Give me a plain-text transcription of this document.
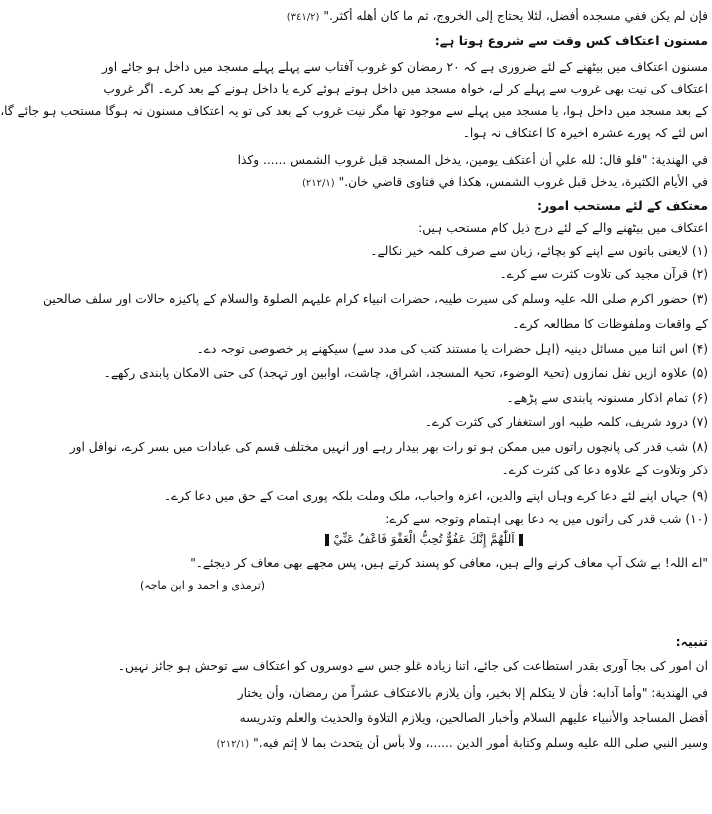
فإن لم يكن ففي مسجده أفضل، لئلا يحتاج إلى الخروج، ثم ما كان أهله أكثر."(٣٤١/٢)
مسنون اعتکاف کس وقت سے شروع ہوتا ہے:
مسنون اعتکاف میں بیٹھنے کے لئے ضروری ہے کہ ۲۰ رمضان کو غروب آفتاب سے پہلے پہلے مسجد میں داخل ہو جائے اور
اعتکاف کی نیت بھی غروب سے پہلے کر لے، خواہ مسجد میں داخل ہوتے ہوئے کرے یا داخل ہونے کے بعد کرے۔ اگر غروب
کے بعد مسجد میں داخل ہوا، یا مسجد میں پہلے سے موجود تھا مگر نیت غروب کے بعد کی تو یہ اعتکاف مسنون نہ ہوگا مستحب ہو جائے گا،
اس لئے کہ پورے عشرہ اخیرہ کا اعتکاف نہ ہوا۔
في الهندية: "فلو قال: لله علي أن أعتكف يومين، يدخل المسجد قبل غروب الشمس ...... وكذا
في الأيام الكثيرة، يدخل قبل غروب الشمس، هكذا في فتاوى قاضي خان."(٢١٢/١)
معتکف کے لئے مستحب امور:
اعتکاف میں بیٹھنے والے کے لئے درج ذیل کام مستحب ہیں:
(۱) لایعنی باتوں سے اپنے کو بچائے، زبان سے صرف کلمہ خیر نکالے۔
(۲) قرآن مجید کی تلاوت کثرت سے کرے۔
(۳) حضور اکرم صلی اللہ علیہ وسلم کی سیرت طیبہ، حضرات انبیاء کرام علیہم الصلوۃ والسلام کے پاکیزہ حالات اور سلف صالحین
کے واقعات وملفوظات کا مطالعہ کرے۔
(۴) اس اثنا میں مسائل دینیہ (اہل حضرات یا مستند کتب کی مدد سے) سیکھنے پر خصوصی توجہ دے۔
(۵) علاوہ ازیں نفل نمازوں (تحیۃ الوضوء، تحیۃ المسجد، اشراق، چاشت، اوابین اور تہجد) کی حتی الامکان پابندی رکھے۔
(۶) تمام اذکار مسنونہ پابندی سے پڑھے۔
(۷) درود شریف، کلمہ طیبہ اور استغفار کی کثرت کرے۔
(۸) شب قدر کی پانچوں راتوں میں ممکن ہو تو رات بھر بیدار رہے اور انہیں مختلف قسم کی عبادات میں بسر کرے، نوافل اور
ذکر وتلاوت کے علاوہ دعا کی کثرت کرے۔
(۹) جہاں اپنے لئے دعا کرے وہاں اپنے والدین، اعزہ واحباب، ملک وملت بلکہ پوری امت کے حق میں دعا کرے۔
(۱۰) شب قدر کی راتوں میں یہ دعا بھی اہتمام وتوجہ سے کرے:
اَللّٰهُمَّ إِنَّكَ عَفُوٌّ تُحِبُّ الْعَفْوَ فَاعْفُ عَنِّيْ
"اے اللہ! بے شک آپ معاف کرنے والے ہیں، معافی کو پسند کرتے ہیں، پس مجھے بھی معاف کر دیجئے۔"
(ترمذی و احمد و ابن ماجہ)
تنبیہ:
ان امور کی بجا آوری بقدر استطاعت کی جائے، اتنا زیادہ غلو جس سے دوسروں کو اعتکاف سے توحش ہو جائز نہیں۔
في الهندية: "وأما آدابه: فأن لا يتكلم إلا بخير، وأن يلازم بالاعتكاف عشراً من رمضان، وأن يختار
أفضل المساجد والأنبياء عليهم السلام وأخبار الصالحين، ويلازم التلاوة والحديث والعلم وتدريسه
وسير النبي صلى الله عليه وسلم وكتابة أمور الدين ......، ولا بأس أن يتحدث بما لا إثم فيه."(٢١٢/١)
